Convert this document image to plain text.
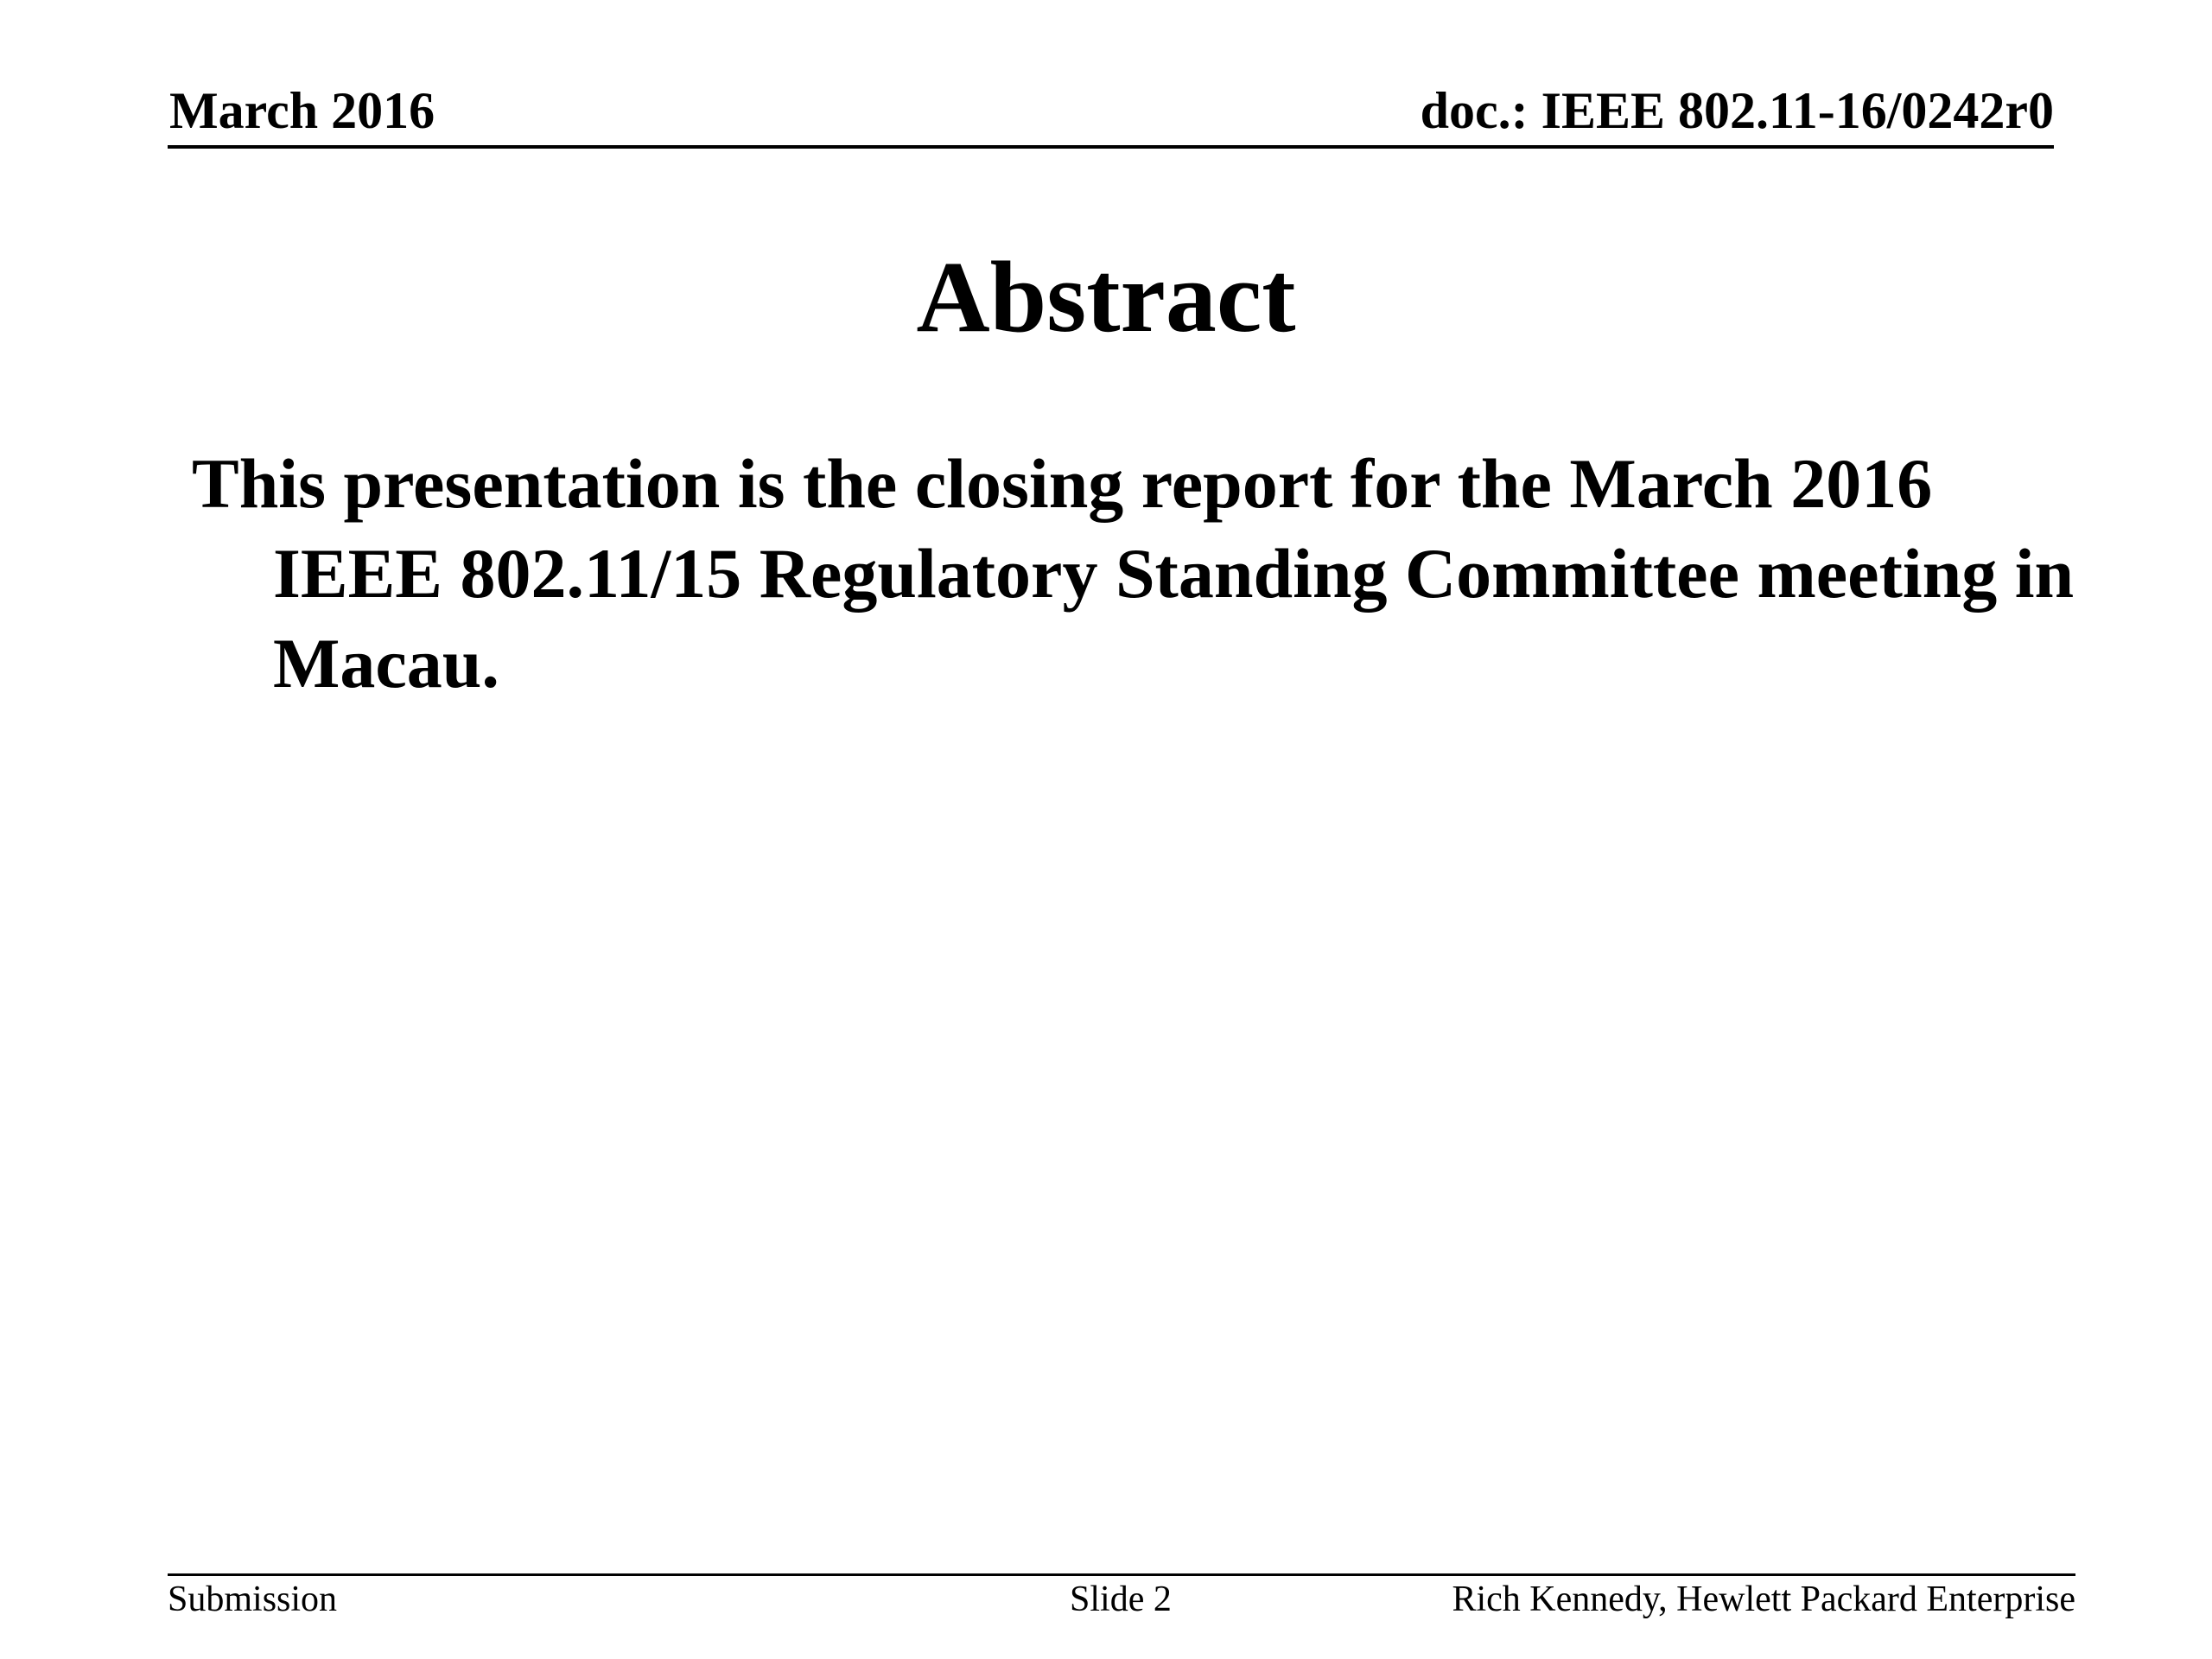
March 2016	doc.: IEEE 802.11-16/0242r0
Abstract

This presentation is the closing report for the March 2016 IEEE 802.11/15 Regulatory Standing Committee meeting in Macau.

Submission	Slide 2	Rich Kennedy, Hewlett Packard Enterprise
